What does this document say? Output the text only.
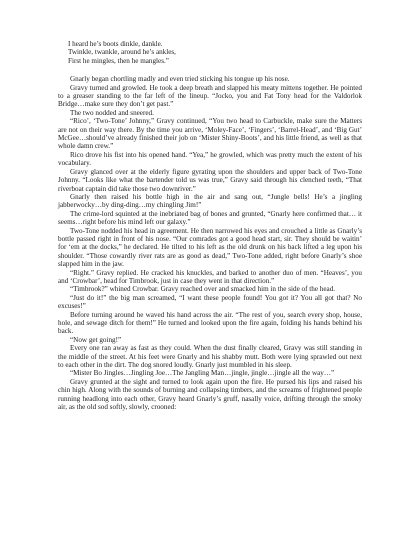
I heard he’s boots dinkle, dankle.
Twinkle, twankle, around he’s ankles,
First he mingles, then he mangles.”

Gnarly began chortling madly and even tried sticking his tongue up his nose.

Gravy turned and growled. He took a deep breath and slapped his meaty mittens together. He pointed to a greaser standing to the far left of the lineup. “Jocko, you and Fat Tony head for the Valdorlok Bridge…make sure they don’t get past.”

The two nodded and sneered.

“Rico’, ‘Two-Tone’ Johnny,” Gravy continued, “You two head to Carbuckle, make sure the Matters are not on their way there. By the time you arrive, ‘Moley-Face’, ‘Fingers’, ‘Barrel-Head’, and ‘Big Gut’ McGee…should’ve already finished their job on ‘Mister Shiny-Boots’, and his little friend, as well as that whole damn crew.”

Rico drove his fist into his opened hand. “Yea,” he growled, which was pretty much the extent of his vocabulary.

Gravy glanced over at the elderly figure gyrating upon the shoulders and upper back of Two-Tone Johnny. “Looks like what the bartender told us was true,” Gravy said through his clenched teeth, “That riverboat captain did take those two downriver.”

Gnarly then raised his bottle high in the air and sang out, “Jungle bells! He’s a jingling jabberwocky…by ding-ding…my chingling Jim!”

The crime-lord squinted at the inebriated bag of bones and grunted, “Gnarly here confirmed that… it seems…right before his mind left our galaxy.”

Two-Tone nodded his head in agreement. He then narrowed his eyes and crouched a little as Gnarly’s bottle passed right in front of his nose. “Our comrades got a good head start, sir. They should be waitin’ for ‘em at the docks,” he declared. He tilted to his left as the old drunk on his back lifted a leg upon his shoulder. “Those cowardly river rats are as good as dead,” Two-Tone added, right before Gnarly’s shoe slapped him in the jaw.

“Right.” Gravy replied. He cracked his knuckles, and barked to another duo of men. “Heaves’, you and ‘Crowbar’, head for Timbrook, just in case they went in that direction.”

“Timbrook?” whined Crowbar. Gravy reached over and smacked him in the side of the head.

“Just do it!” the big man screamed, “I want these people found! You got it? You all got that? No excuses!”

Before turning around he waved his hand across the air. “The rest of you, search every shop, house, hole, and sewage ditch for them!” He turned and looked upon the fire again, folding his hands behind his back.

“Now get going!”

Every one ran away as fast as they could. When the dust finally cleared, Gravy was still standing in the middle of the street. At his feet were Gnarly and his shabby mutt. Both were lying sprawled out next to each other in the dirt. The dog snored loudly. Gnarly just mumbled in his sleep.

“Mister Bo Jingles…Jingling Joe…The Jangling Man…jingle, jingle…jingle all the way…”

Gravy grunted at the sight and turned to look again upon the fire. He pursed his lips and raised his chin high. Along with the sounds of burning and collapsing timbers, and the screams of frightened people running headlong into each other, Gravy heard Gnarly’s gruff, nasally voice, drifting through the smoky air, as the old sod softly, slowly, crooned:
